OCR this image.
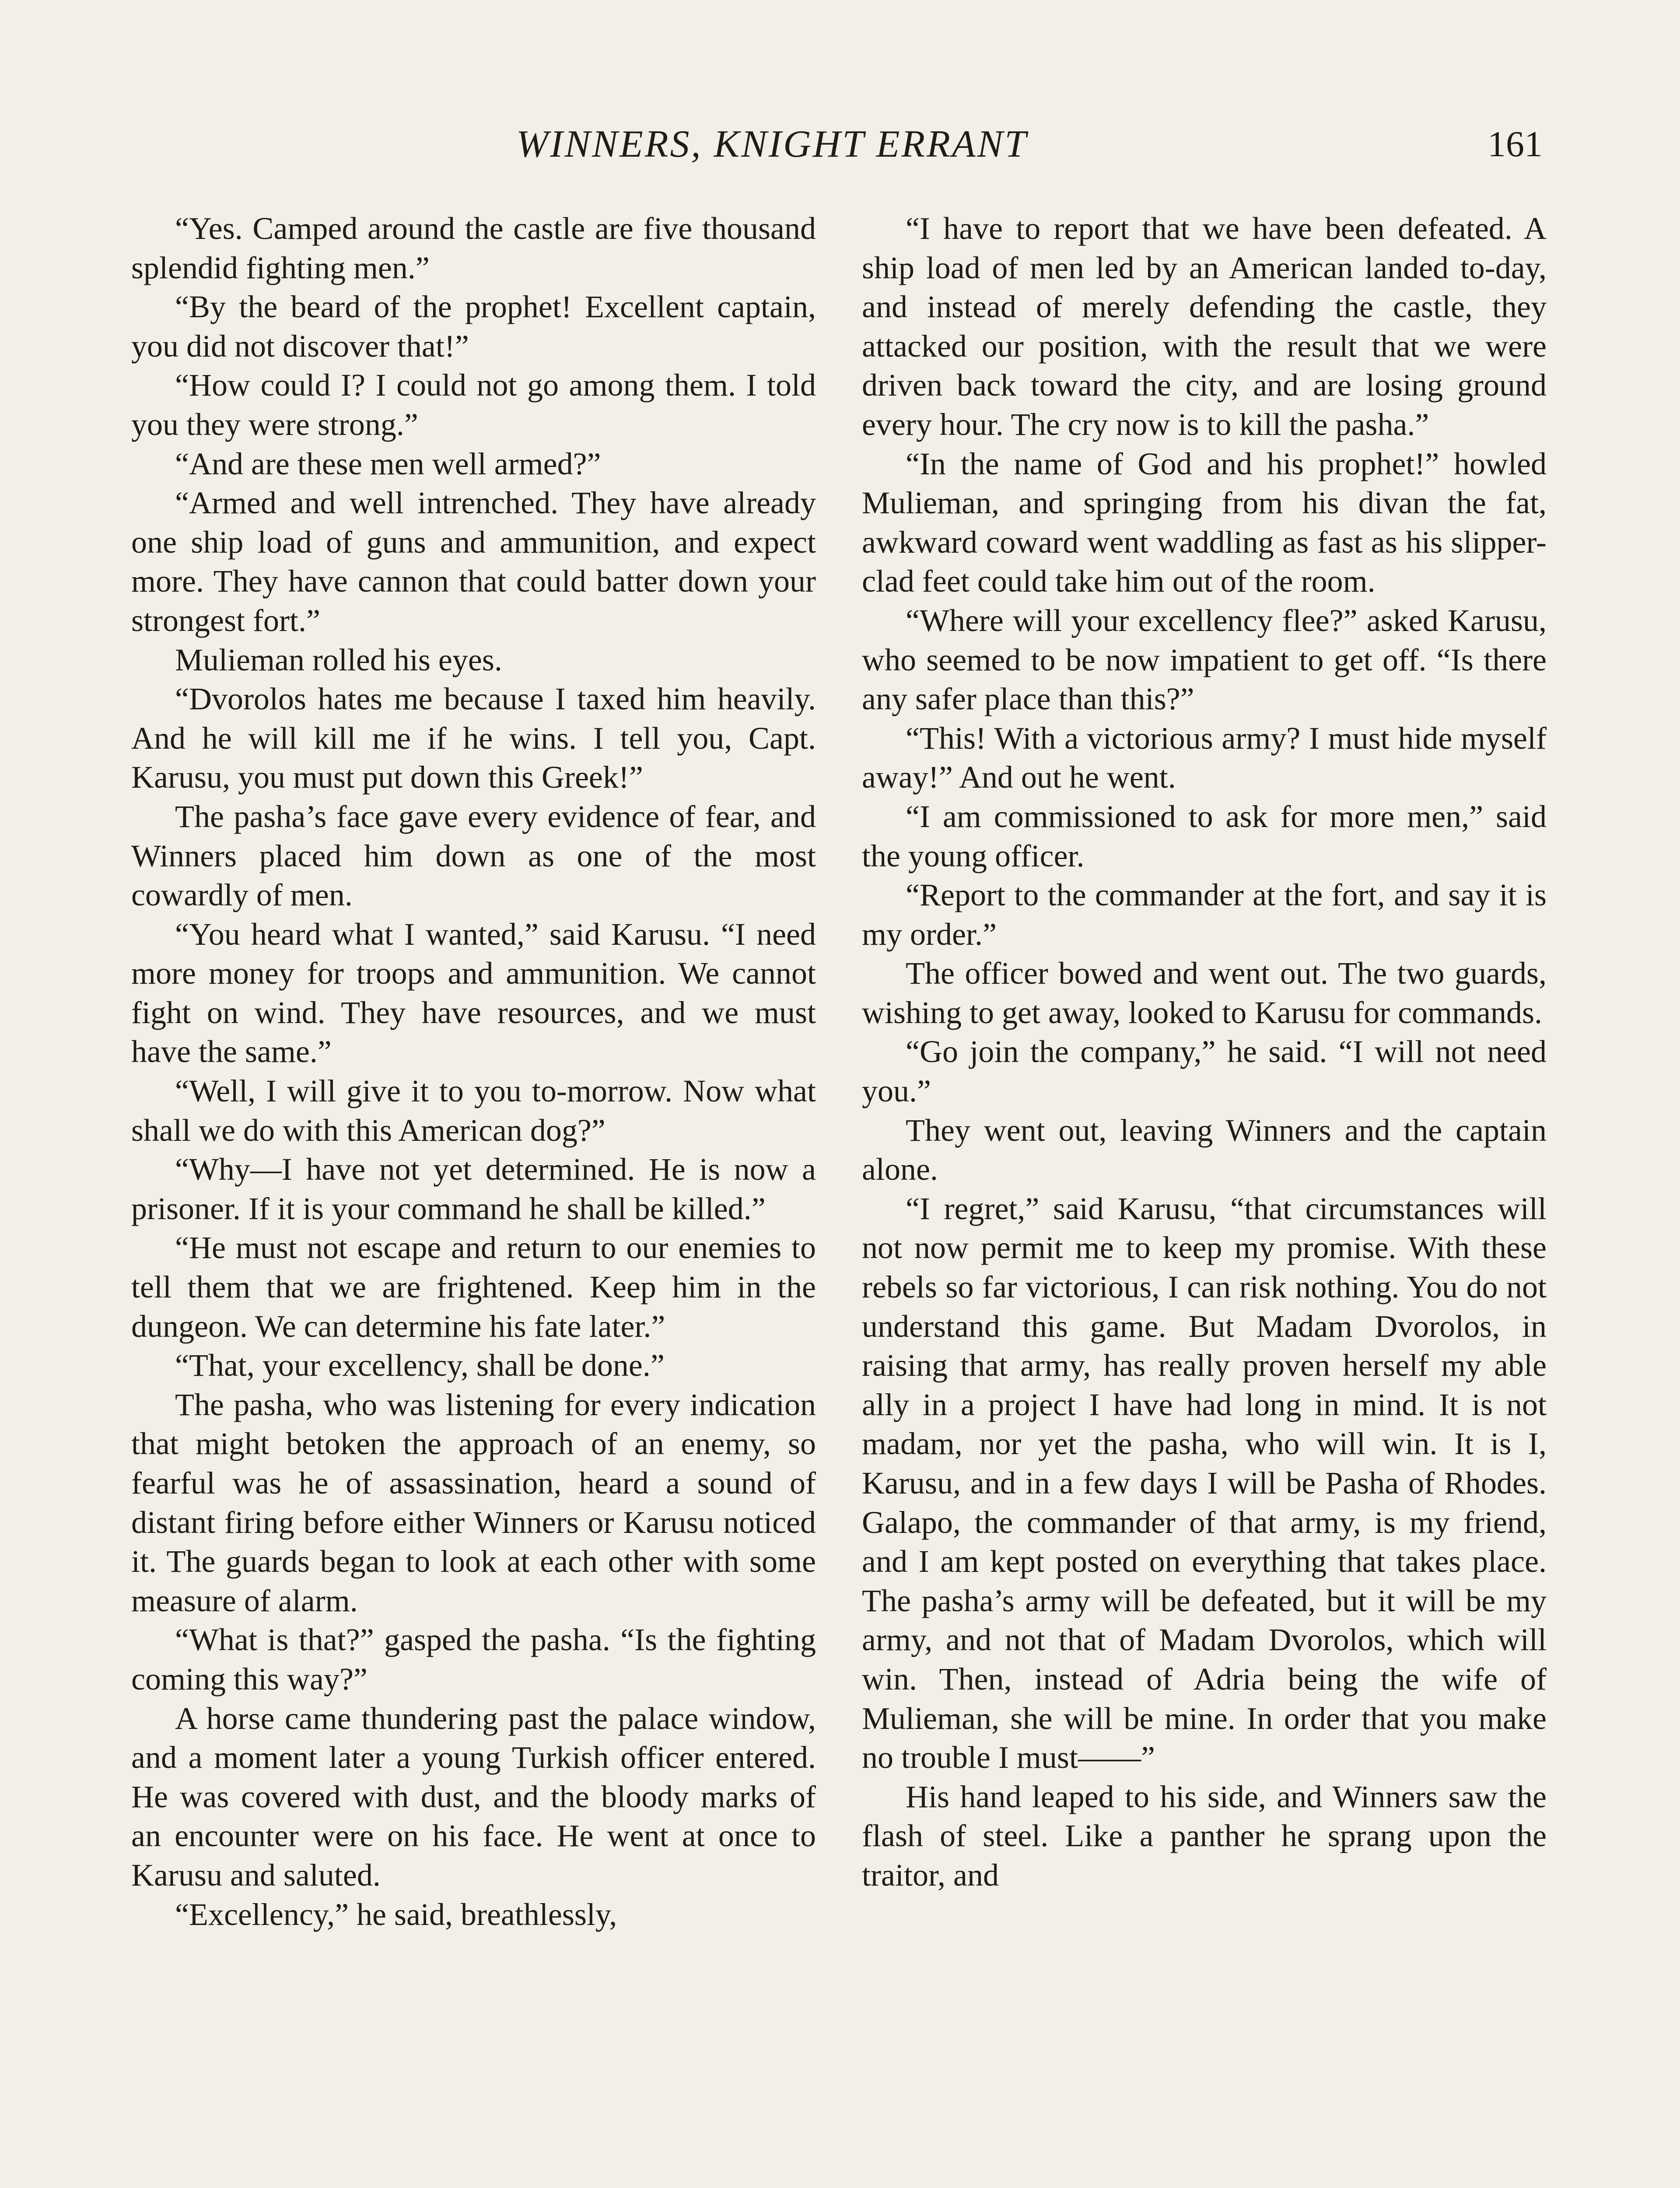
WINNERS, KNIGHT ERRANT	161

“Yes. Camped around the castle are five thousand splendid fighting men.”

“By the beard of the prophet! Excellent captain, you did not discover that!”

“How could I? I could not go among them. I told you they were strong.”

“And are these men well armed?”

“Armed and well intrenched. They have already one ship load of guns and ammunition, and expect more. They have cannon that could batter down your strongest fort.”

Mulieman rolled his eyes.

“Dvorolos hates me because I taxed him heavily. And he will kill me if he wins. I tell you, Capt. Karusu, you must put down this Greek!”

The pasha’s face gave every evidence of fear, and Winners placed him down as one of the most cowardly of men.

“You heard what I wanted,” said Karusu. “I need more money for troops and ammunition. We cannot fight on wind. They have resources, and we must have the same.”

“Well, I will give it to you to-morrow. Now what shall we do with this American dog?”

“Why—I have not yet determined. He is now a prisoner. If it is your command he shall be killed.”

“He must not escape and return to our enemies to tell them that we are frightened. Keep him in the dungeon. We can determine his fate later.”

“That, your excellency, shall be done.”

The pasha, who was listening for every indication that might betoken the approach of an enemy, so fearful was he of assassination, heard a sound of distant firing before either Winners or Karusu noticed it. The guards began to look at each other with some measure of alarm.

“What is that?” gasped the pasha. “Is the fighting coming this way?”

A horse came thundering past the palace window, and a moment later a young Turkish officer entered. He was covered with dust, and the bloody marks of an encounter were on his face. He went at once to Karusu and saluted.

“Excellency,” he said, breathlessly,

“I have to report that we have been defeated. A ship load of men led by an American landed to-day, and instead of merely defending the castle, they attacked our position, with the result that we were driven back toward the city, and are losing ground every hour. The cry now is to kill the pasha.”

“In the name of God and his prophet!” howled Mulieman, and springing from his divan the fat, awkward coward went waddling as fast as his slipper-clad feet could take him out of the room.

“Where will your excellency flee?” asked Karusu, who seemed to be now impatient to get off. “Is there any safer place than this?”

“This! With a victorious army? I must hide myself away!” And out he went.

“I am commissioned to ask for more men,” said the young officer.

“Report to the commander at the fort, and say it is my order.”

The officer bowed and went out. The two guards, wishing to get away, looked to Karusu for commands.

“Go join the company,” he said. “I will not need you.”

They went out, leaving Winners and the captain alone.

“I regret,” said Karusu, “that circumstances will not now permit me to keep my promise. With these rebels so far victorious, I can risk nothing. You do not understand this game. But Madam Dvorolos, in raising that army, has really proven herself my able ally in a project I have had long in mind. It is not madam, nor yet the pasha, who will win. It is I, Karusu, and in a few days I will be Pasha of Rhodes. Galapo, the commander of that army, is my friend, and I am kept posted on everything that takes place. The pasha’s army will be defeated, but it will be my army, and not that of Madam Dvorolos, which will win. Then, instead of Adria being the wife of Mulieman, she will be mine. In order that you make no trouble I must——”

His hand leaped to his side, and Winners saw the flash of steel. Like a panther he sprang upon the traitor, and
